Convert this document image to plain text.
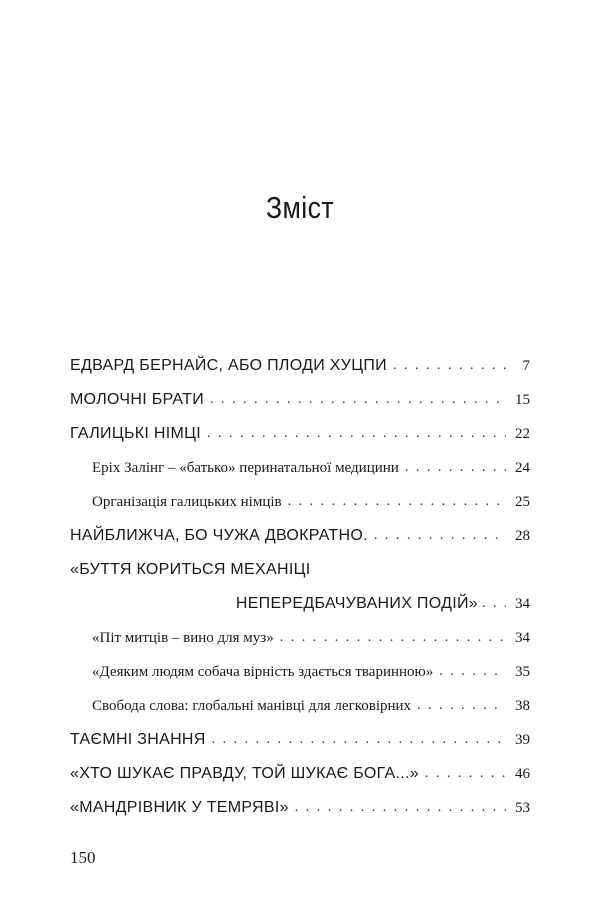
Зміст
ЕДВАРД БЕРНАЙС, АБО ПЛОДИ ХУЦПИ . . .	7
МОЛОЧНІ БРАТИ . . .	15
ГАЛИЦЬКІ НІМЦІ . . .	22
Еріх Залінг – «батько» перинатальної медицини . . .	24
Організація галицьких німців . . .	25
НАЙБЛИЖЧА, БО ЧУЖА ДВОКРАТНО. . . .	28
«БУТТЯ КОРИТЬСЯ МЕХАНІЦІ
НЕПЕРЕДБАЧУВАНИХ ПОДІЙ» . . . 34
«Піт митців – вино для муз» . . .	34
«Деяким людям собача вірність здається тваринною» . . .	35
Свобода слова: глобальні манівці для легковірних . . .	38
ТАЄМНІ ЗНАННЯ . . .	39
«ХТО ШУКАЄ ПРАВДУ, ТОЙ ШУКАЄ БОГА...» . . .	46
«МАНДРІВНИК У ТЕМРЯВІ» . . .	53
150
